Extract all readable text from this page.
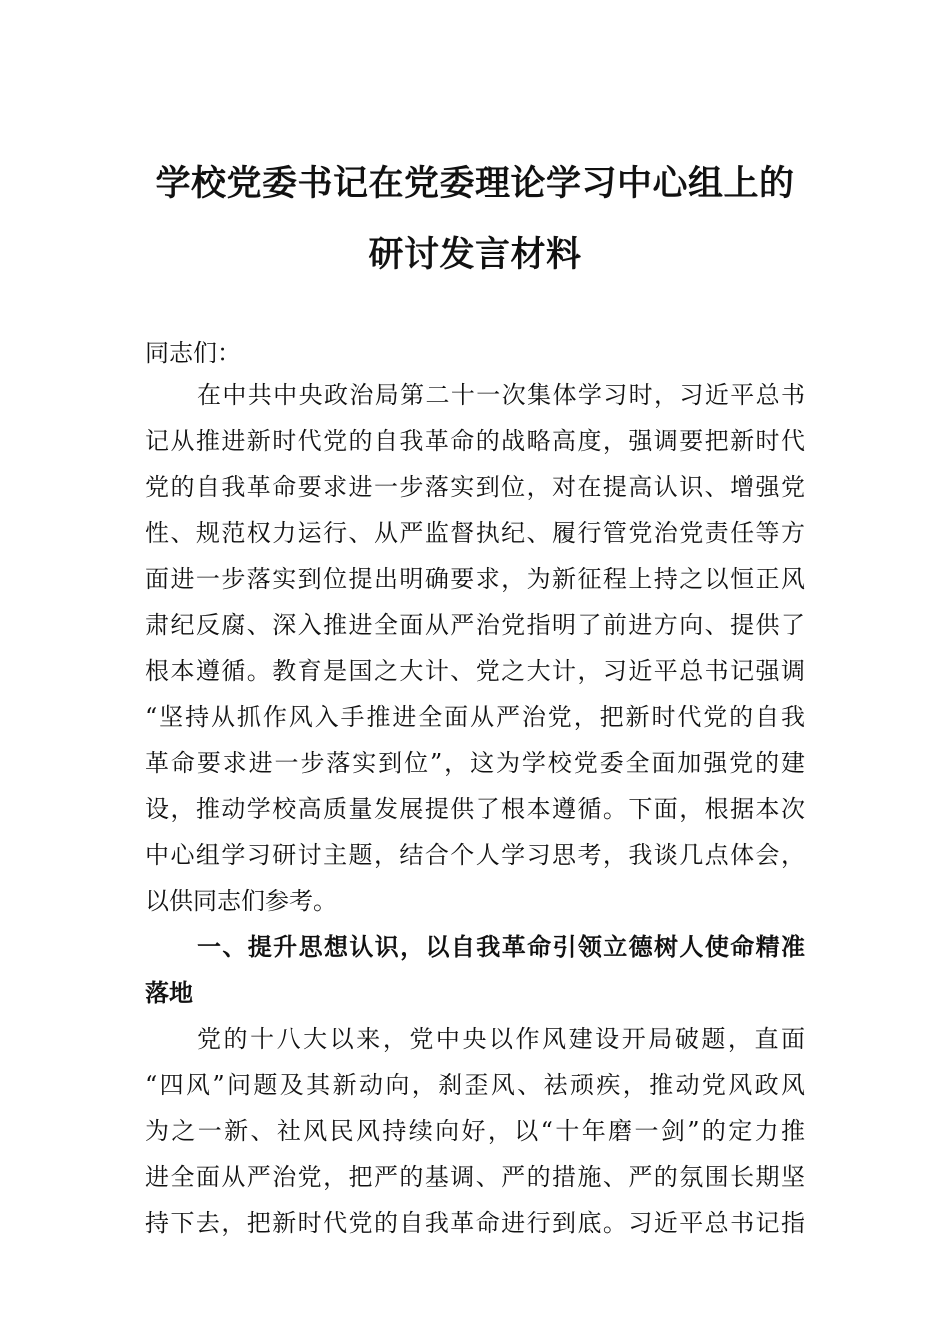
学校党委书记在党委理论学习中心组上的
研讨发言材料
同志们：
在中共中央政治局第二十一次集体学习时，习近平总书
记从推进新时代党的自我革命的战略高度，强调要把新时代
党的自我革命要求进一步落实到位，对在提高认识、增强党
性、规范权力运行、从严监督执纪、履行管党治党责任等方
面进一步落实到位提出明确要求，为新征程上持之以恒正风
肃纪反腐、深入推进全面从严治党指明了前进方向、提供了
根本遵循。教育是国之大计、党之大计，习近平总书记强调
“坚持从抓作风入手推进全面从严治党，把新时代党的自我
革命要求进一步落实到位”，这为学校党委全面加强党的建
设，推动学校高质量发展提供了根本遵循。下面，根据本次
中心组学习研讨主题，结合个人学习思考，我谈几点体会，
以供同志们参考。
一、提升思想认识，以自我革命引领立德树人使命精准
落地
党的十八大以来，党中央以作风建设开局破题，直面
“四风”问题及其新动向，刹歪风、祛顽疾，推动党风政风
为之一新、社风民风持续向好，以“十年磨一剑”的定力推
进全面从严治党，把严的基调、严的措施、严的氛围长期坚
持下去，把新时代党的自我革命进行到底。习近平总书记指
